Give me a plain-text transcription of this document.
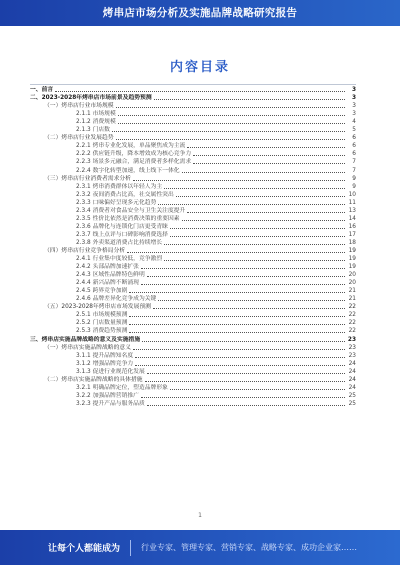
烤串店市场分析及实施品牌战略研究报告
内容目录
一、前言	3
二、2023-2028年烤串店市场前景及趋势预测	3
（一）烤串店行业市场规模	3
2.1.1 市场规模	3
2.1.2 消费规模	4
2.1.3 门店数	5
（二）烤串店行业发展趋势	6
2.2.1 烤串专业化发展，单品聚焦成为主流	6
2.2.2 供应链升级，降本增效成为核心竞争力	6
2.2.3 场景多元融合，满足消费者多样化需求	7
2.2.4 数字化转型加速，线上线下一体化	7
（三）烤串店行业消费者需求分析	9
2.3.1 烤串消费群体以年轻人为主	9
2.3.2 夜间消费占比高，社交属性突出	10
2.3.3 口味偏好呈现多元化趋势	11
2.3.4 消费者对食品安全与卫生关注度提升	13
2.3.5 性价比依然是消费决策的重要因素	14
2.3.6 品牌化与连锁化门店更受青睐	16
2.3.7 线上点评与口碑影响消费选择	17
2.3.8 外卖渠道消费占比持续增长	18
（四）烤串店行业竞争格局分析	19
2.4.1 行业集中度较低，竞争激烈	19
2.4.2 头部品牌加速扩张	19
2.4.3 区域性品牌特色鲜明	20
2.4.4 新兴品牌不断涌现	20
2.4.5 跨界竞争加剧	21
2.4.6 品牌差异化竞争成为关键	21
（五）2023-2028年烤串店市场发展预测	22
2.5.1 市场规模预测	22
2.5.2 门店数量预测	22
2.5.3 消费趋势预测	22
三、烤串店实施品牌战略的意义及实施措施	23
（一）烤串店实施品牌战略的意义	23
3.1.1 提升品牌知名度	23
3.1.2 增强品牌竞争力	24
3.1.3 促进行业规范化发展	24
（二）烤串店实施品牌战略的具体措施	24
3.2.1 明确品牌定位，塑造品牌形象	24
3.2.2 加强品牌营销推广	25
3.2.3 提升产品与服务品质	25
1
让每个人都能成为	行业专家、管理专家、营销专家、战略专家、成功企业家……
